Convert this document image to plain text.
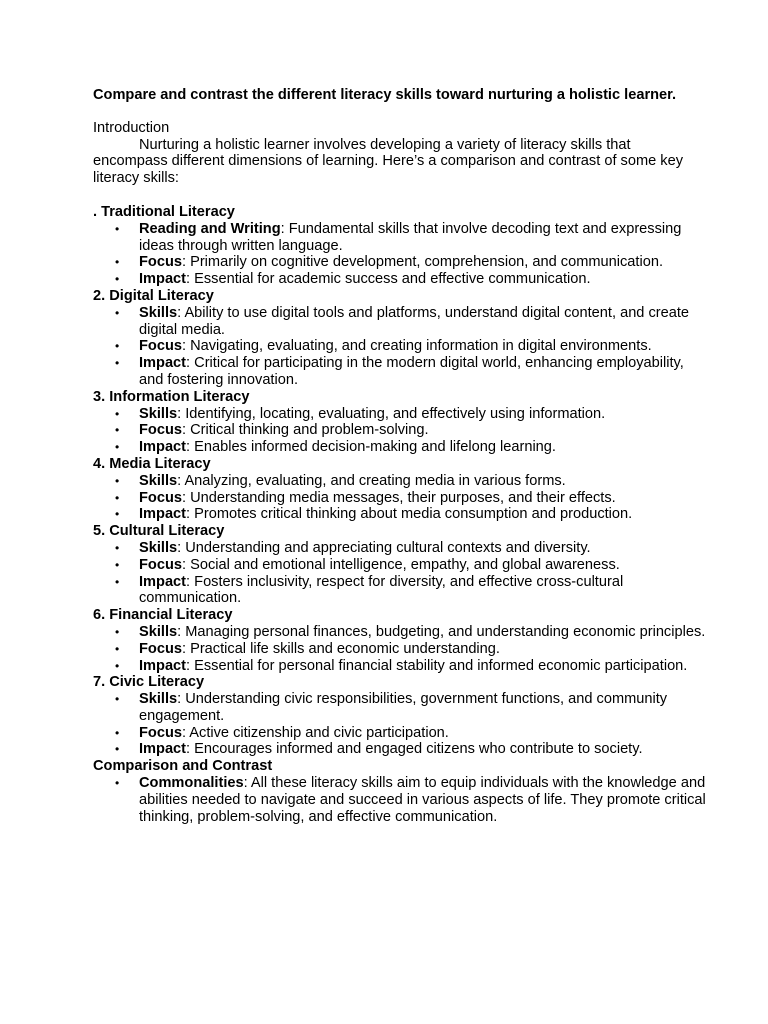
Compare and contrast the different literacy skills toward nurturing a holistic learner.

Introduction

Nurturing a holistic learner involves developing a variety of literacy skills that encompass different dimensions of learning. Here’s a comparison and contrast of some key literacy skills:

. Traditional Literacy

• Reading and Writing: Fundamental skills that involve decoding text and expressing ideas through written language.
• Focus: Primarily on cognitive development, comprehension, and communication.
• Impact: Essential for academic success and effective communication.

2. Digital Literacy

• Skills: Ability to use digital tools and platforms, understand digital content, and create digital media.
• Focus: Navigating, evaluating, and creating information in digital environments.
• Impact: Critical for participating in the modern digital world, enhancing employability, and fostering innovation.

3. Information Literacy

• Skills: Identifying, locating, evaluating, and effectively using information.
• Focus: Critical thinking and problem-solving.
• Impact: Enables informed decision-making and lifelong learning.

4. Media Literacy

• Skills: Analyzing, evaluating, and creating media in various forms.
• Focus: Understanding media messages, their purposes, and their effects.
• Impact: Promotes critical thinking about media consumption and production.

5. Cultural Literacy

• Skills: Understanding and appreciating cultural contexts and diversity.
• Focus: Social and emotional intelligence, empathy, and global awareness.
• Impact: Fosters inclusivity, respect for diversity, and effective cross-cultural communication.

6. Financial Literacy

• Skills: Managing personal finances, budgeting, and understanding economic principles.
• Focus: Practical life skills and economic understanding.
• Impact: Essential for personal financial stability and informed economic participation.

7. Civic Literacy

• Skills: Understanding civic responsibilities, government functions, and community engagement.
• Focus: Active citizenship and civic participation.
• Impact: Encourages informed and engaged citizens who contribute to society.

Comparison and Contrast

• Commonalities: All these literacy skills aim to equip individuals with the knowledge and abilities needed to navigate and succeed in various aspects of life. They promote critical thinking, problem-solving, and effective communication.
